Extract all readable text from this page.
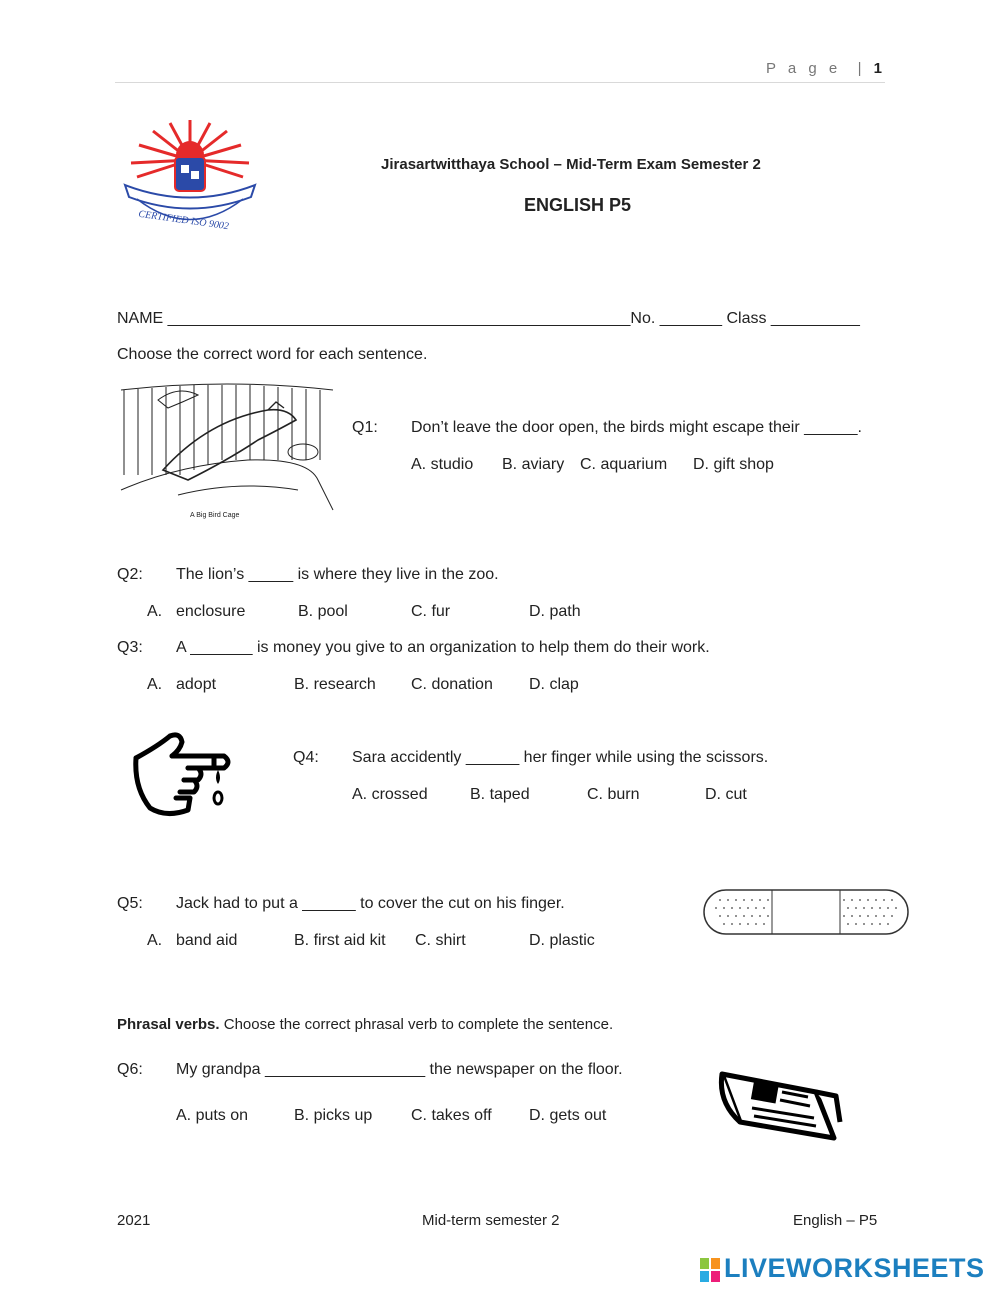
P a g e  | 1
CERTIFIED ISO 9002
Jirasartwitthaya School – Mid-Term Exam Semester 2
ENGLISH P5
NAME ____________________________________________________No. _______ Class __________
Choose the correct word for each sentence.
A Big Bird Cage
Q1: Don’t leave the door open, the birds might escape their ______.
A. studio B. aviary C. aquarium D. gift shop
Q2: The lion’s _____ is where they live in the zoo.
A. enclosure	B. pool	C. fur	D. path
Q3: A _______ is money you give to an organization to help them do their work.
A. adopt	B. research C. donation D. clap
Q4: Sara accidently ______ her finger while using the scissors.
A. crossed	B. taped	C. burn	D. cut
Q5: Jack had to put a ______ to cover the cut on his finger.
A. band aid	B. first aid kit C. shirt	D. plastic
Phrasal verbs. Choose the correct phrasal verb to complete the sentence.
Q6: My grandpa __________________ the newspaper on the floor.
A. puts on	B. picks up C. takes off D. gets out
2021	Mid-term semester 2	English – P5
LIVEWORKSHEETS
